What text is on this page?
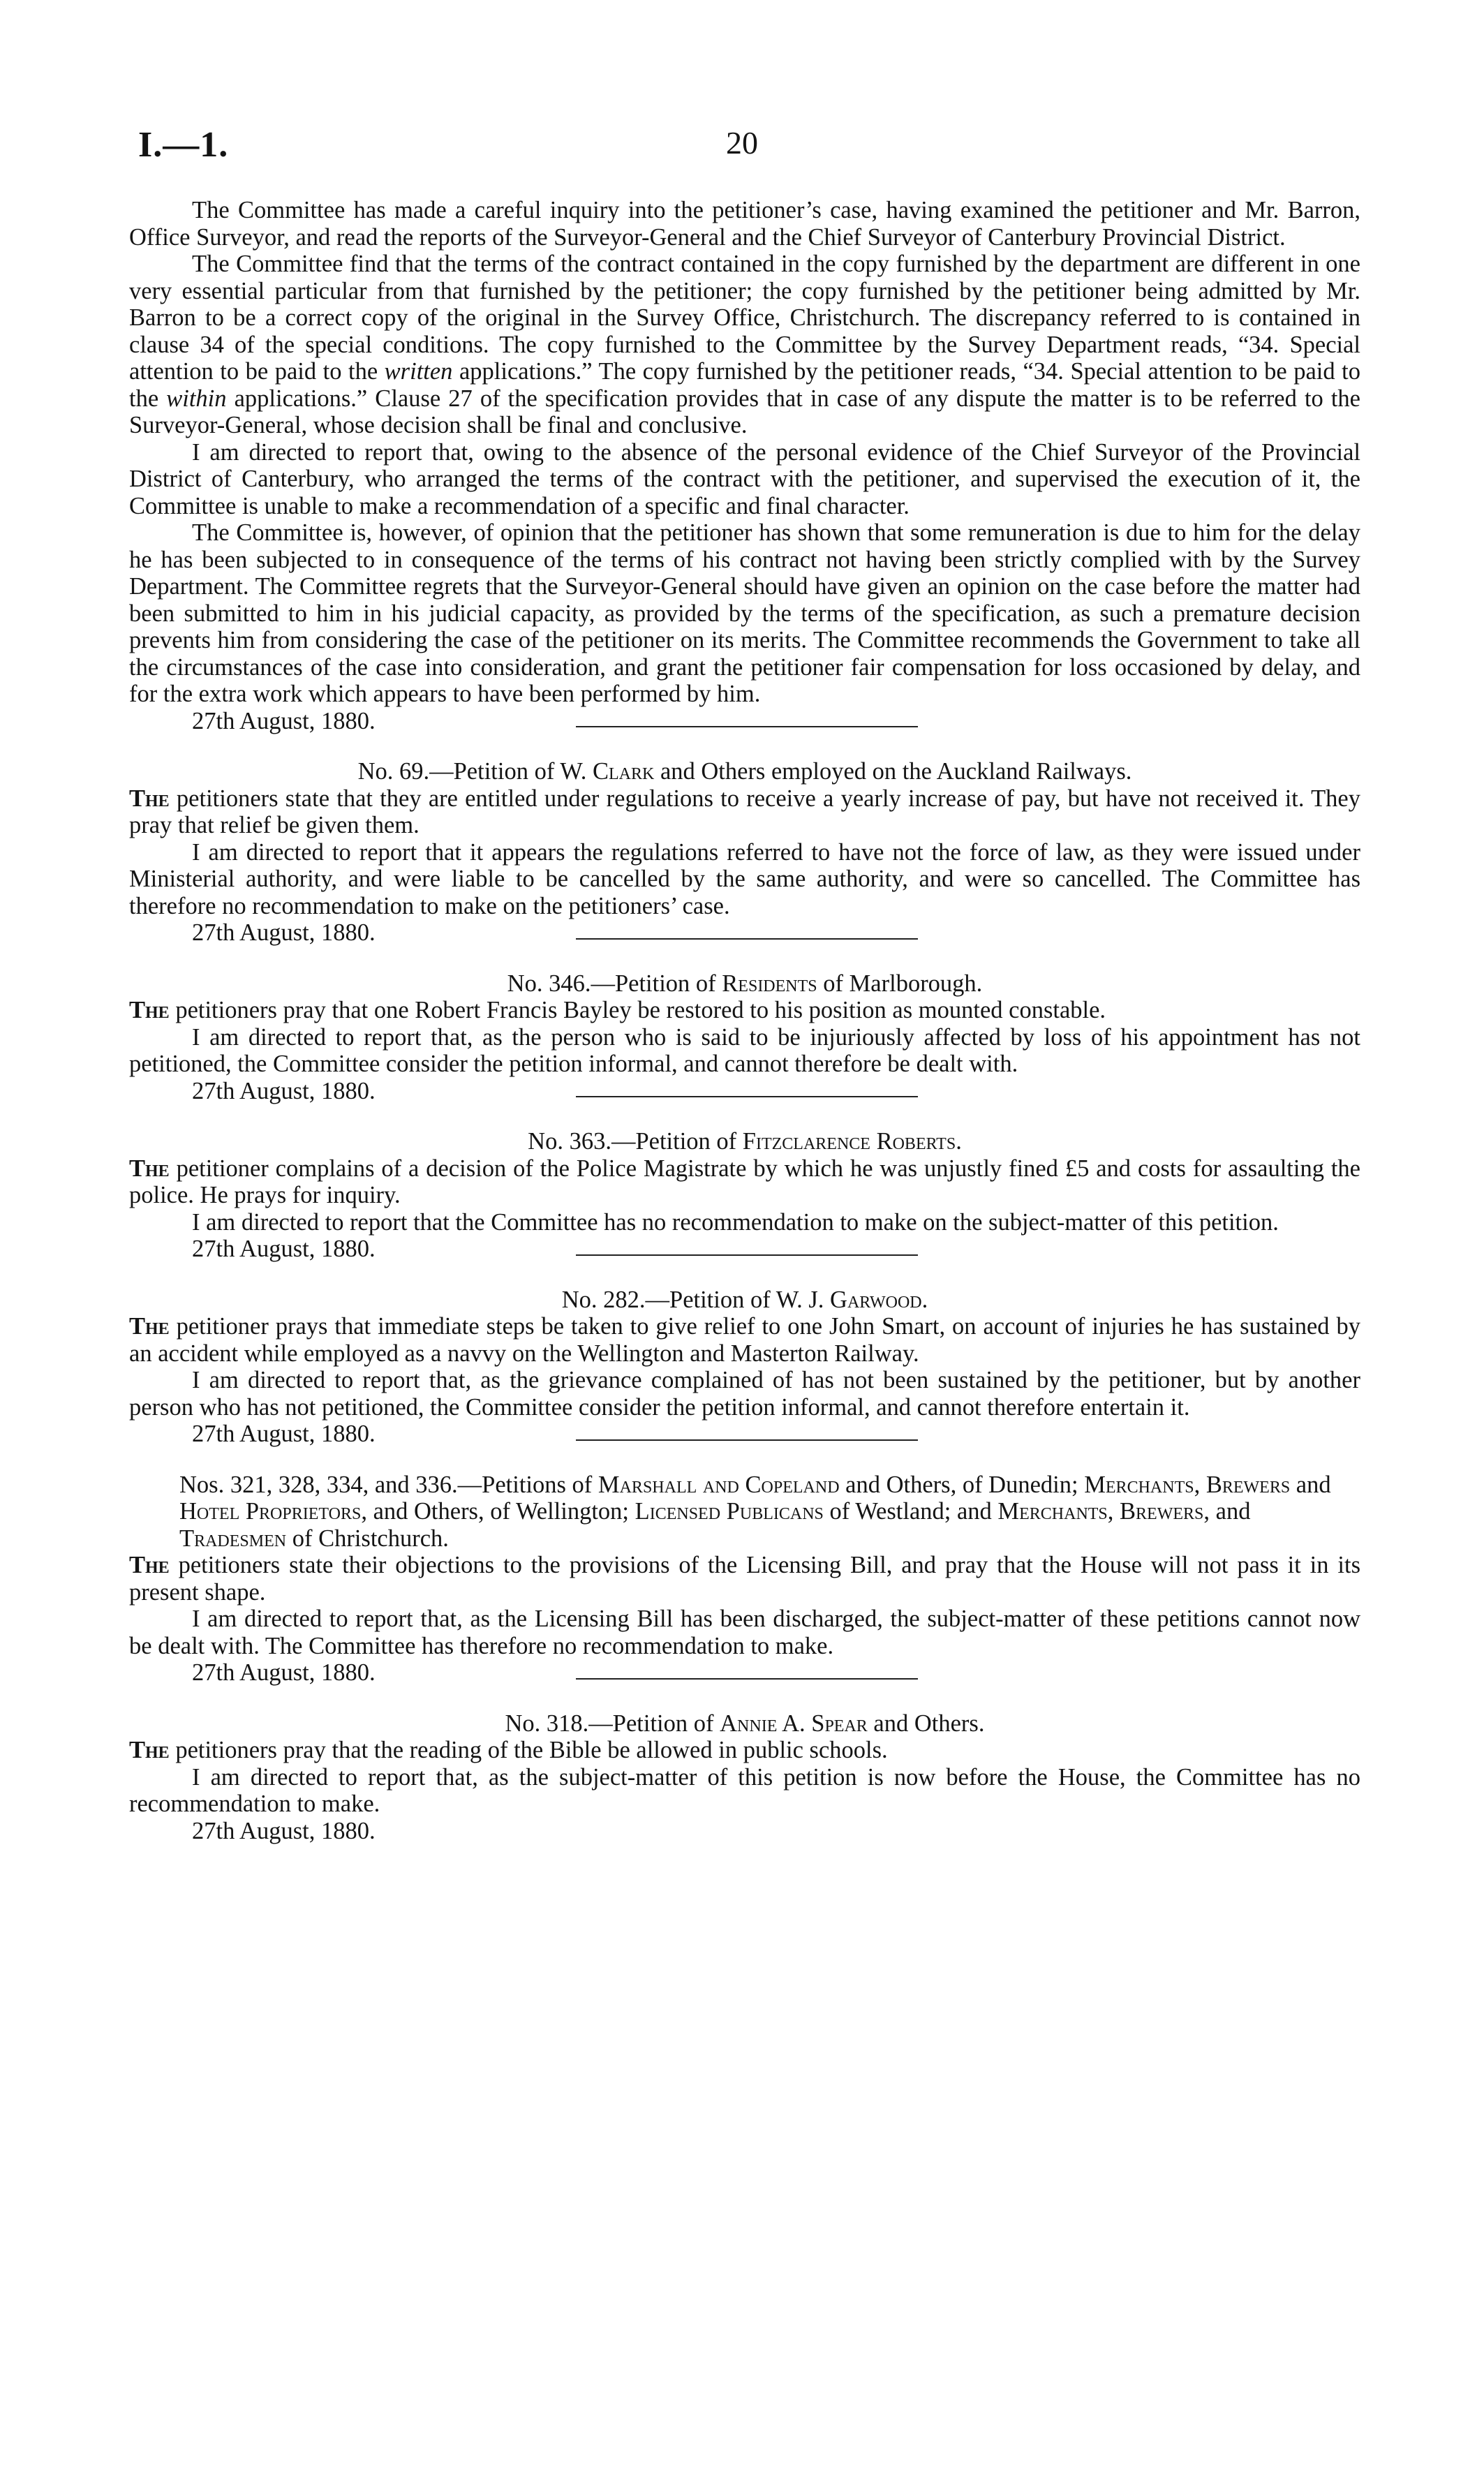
I.—1.	20

The Committee has made a careful inquiry into the petitioner’s case, having examined the petitioner and Mr. Barron, Office Surveyor, and read the reports of the Surveyor-General and the Chief Surveyor of Canterbury Provincial District.

The Committee find that the terms of the contract contained in the copy furnished by the department are different in one very essential particular from that furnished by the petitioner; the copy furnished by the petitioner being admitted by Mr. Barron to be a correct copy of the original in the Survey Office, Christchurch. The discrepancy referred to is contained in clause 34 of the special conditions. The copy furnished to the Committee by the Survey Department reads, “34. Special attention to be paid to the written applications.” The copy furnished by the petitioner reads, “34. Special attention to be paid to the within applications.” Clause 27 of the specification provides that in case of any dispute the matter is to be referred to the Surveyor-General, whose decision shall be final and conclusive.

I am directed to report that, owing to the absence of the personal evidence of the Chief Surveyor of the Provincial District of Canterbury, who arranged the terms of the contract with the petitioner, and supervised the execution of it, the Committee is unable to make a recommendation of a specific and final character.

The Committee is, however, of opinion that the petitioner has shown that some remuneration is due to him for the delay he has been subjected to in consequence of the terms of his contract not having been strictly complied with by the Survey Department. The Committee regrets that the Surveyor-General should have given an opinion on the case before the matter had been submitted to him in his judicial capacity, as provided by the terms of the specification, as such a premature decision prevents him from considering the case of the petitioner on its merits. The Committee recommends the Government to take all the circumstances of the case into consideration, and grant the petitioner fair compensation for loss occasioned by delay, and for the extra work which appears to have been performed by him.

27th August, 1880.

No. 69.—Petition of W. Clark and Others employed on the Auckland Railways.

The petitioners state that they are entitled under regulations to receive a yearly increase of pay, but have not received it. They pray that relief be given them.

I am directed to report that it appears the regulations referred to have not the force of law, as they were issued under Ministerial authority, and were liable to be cancelled by the same authority, and were so cancelled. The Committee has therefore no recommendation to make on the petitioners’ case.

27th August, 1880.

No. 346.—Petition of Residents of Marlborough.

The petitioners pray that one Robert Francis Bayley be restored to his position as mounted constable.

I am directed to report that, as the person who is said to be injuriously affected by loss of his appointment has not petitioned, the Committee consider the petition informal, and cannot therefore be dealt with.

27th August, 1880.

No. 363.—Petition of Fitzclarence Roberts.

The petitioner complains of a decision of the Police Magistrate by which he was unjustly fined £5 and costs for assaulting the police. He prays for inquiry.

I am directed to report that the Committee has no recommendation to make on the subject-matter of this petition.

27th August, 1880.

No. 282.—Petition of W. J. Garwood.

The petitioner prays that immediate steps be taken to give relief to one John Smart, on account of injuries he has sustained by an accident while employed as a navvy on the Wellington and Masterton Railway.

I am directed to report that, as the grievance complained of has not been sustained by the petitioner, but by another person who has not petitioned, the Committee consider the petition informal, and cannot therefore entertain it.

27th August, 1880.

Nos. 321, 328, 334, and 336.—Petitions of Marshall and Copeland and Others, of Dunedin; Merchants, Brewers and Hotel Proprietors, and Others, of Wellington; Licensed Publicans of Westland; and Merchants, Brewers, and Tradesmen of Christchurch.

The petitioners state their objections to the provisions of the Licensing Bill, and pray that the House will not pass it in its present shape.

I am directed to report that, as the Licensing Bill has been discharged, the subject-matter of these petitions cannot now be dealt with. The Committee has therefore no recommendation to make.

27th August, 1880.

No. 318.—Petition of Annie A. Spear and Others.

The petitioners pray that the reading of the Bible be allowed in public schools.

I am directed to report that, as the subject-matter of this petition is now before the House, the Committee has no recommendation to make.

27th August, 1880.
